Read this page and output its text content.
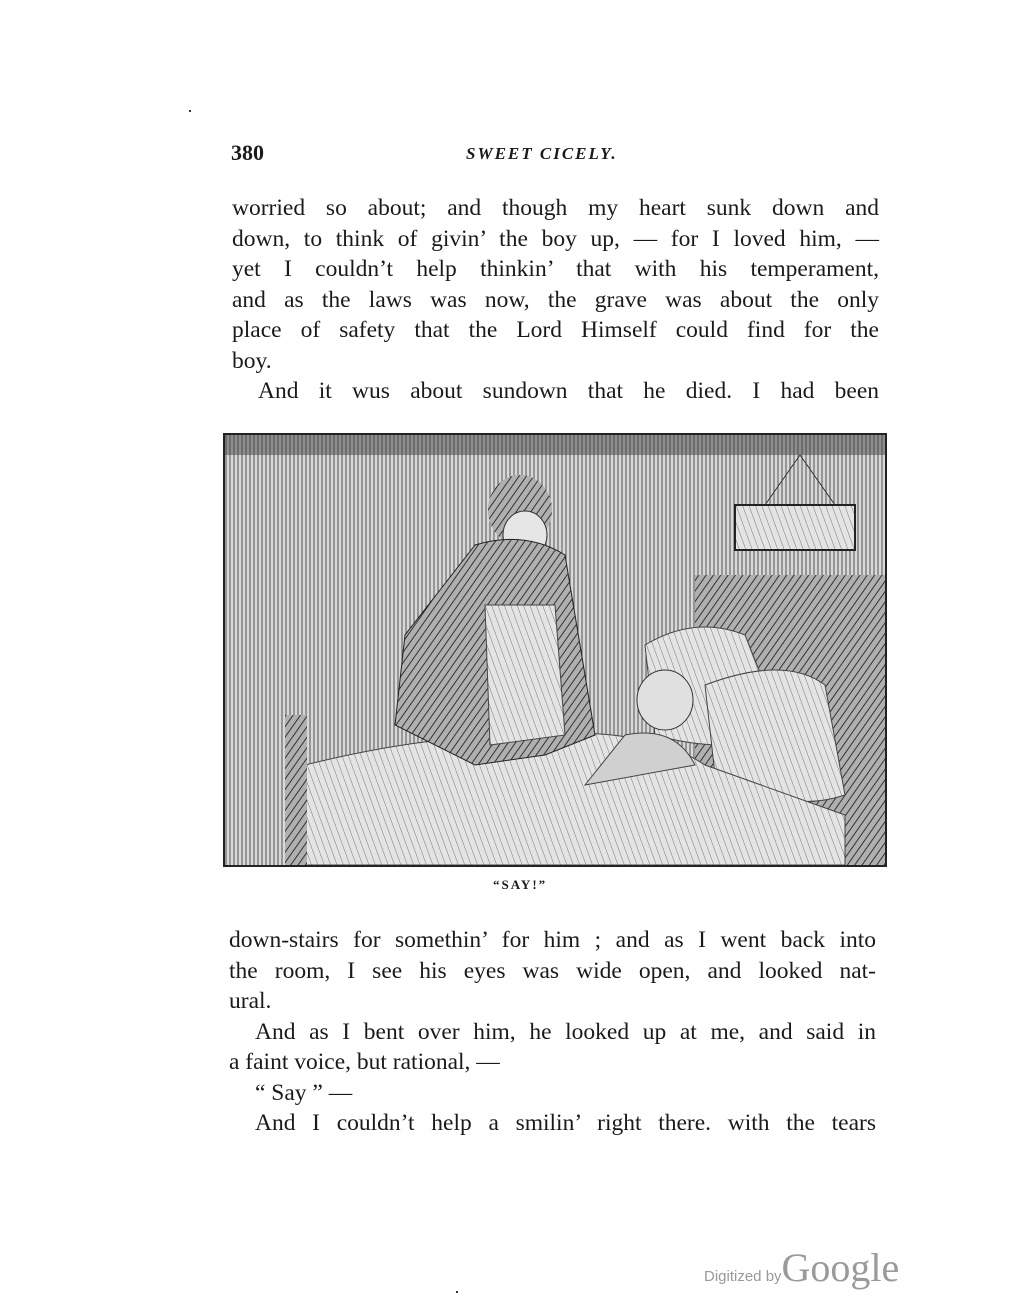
380	SWEET CICELY.
worried so about; and though my heart sunk down and
down, to think of givin’ the boy up, — for I loved him, —
yet I couldn’t help thinkin’ that with his temperament,
and as the laws was now, the grave was about the only
place of safety that the Lord Himself could find for the
boy.
And it wus about sundown that he died. I had been
“SAY!”
down-stairs for somethin’ for him ; and as I went back into
the room, I see his eyes was wide open, and looked nat-
ural.
And as I bent over him, he looked up at me, and said in
a faint voice, but rational, —
“ Say ” —
And I couldn’t help a smilin’ right there. with the tears
Digitized byGoogle
